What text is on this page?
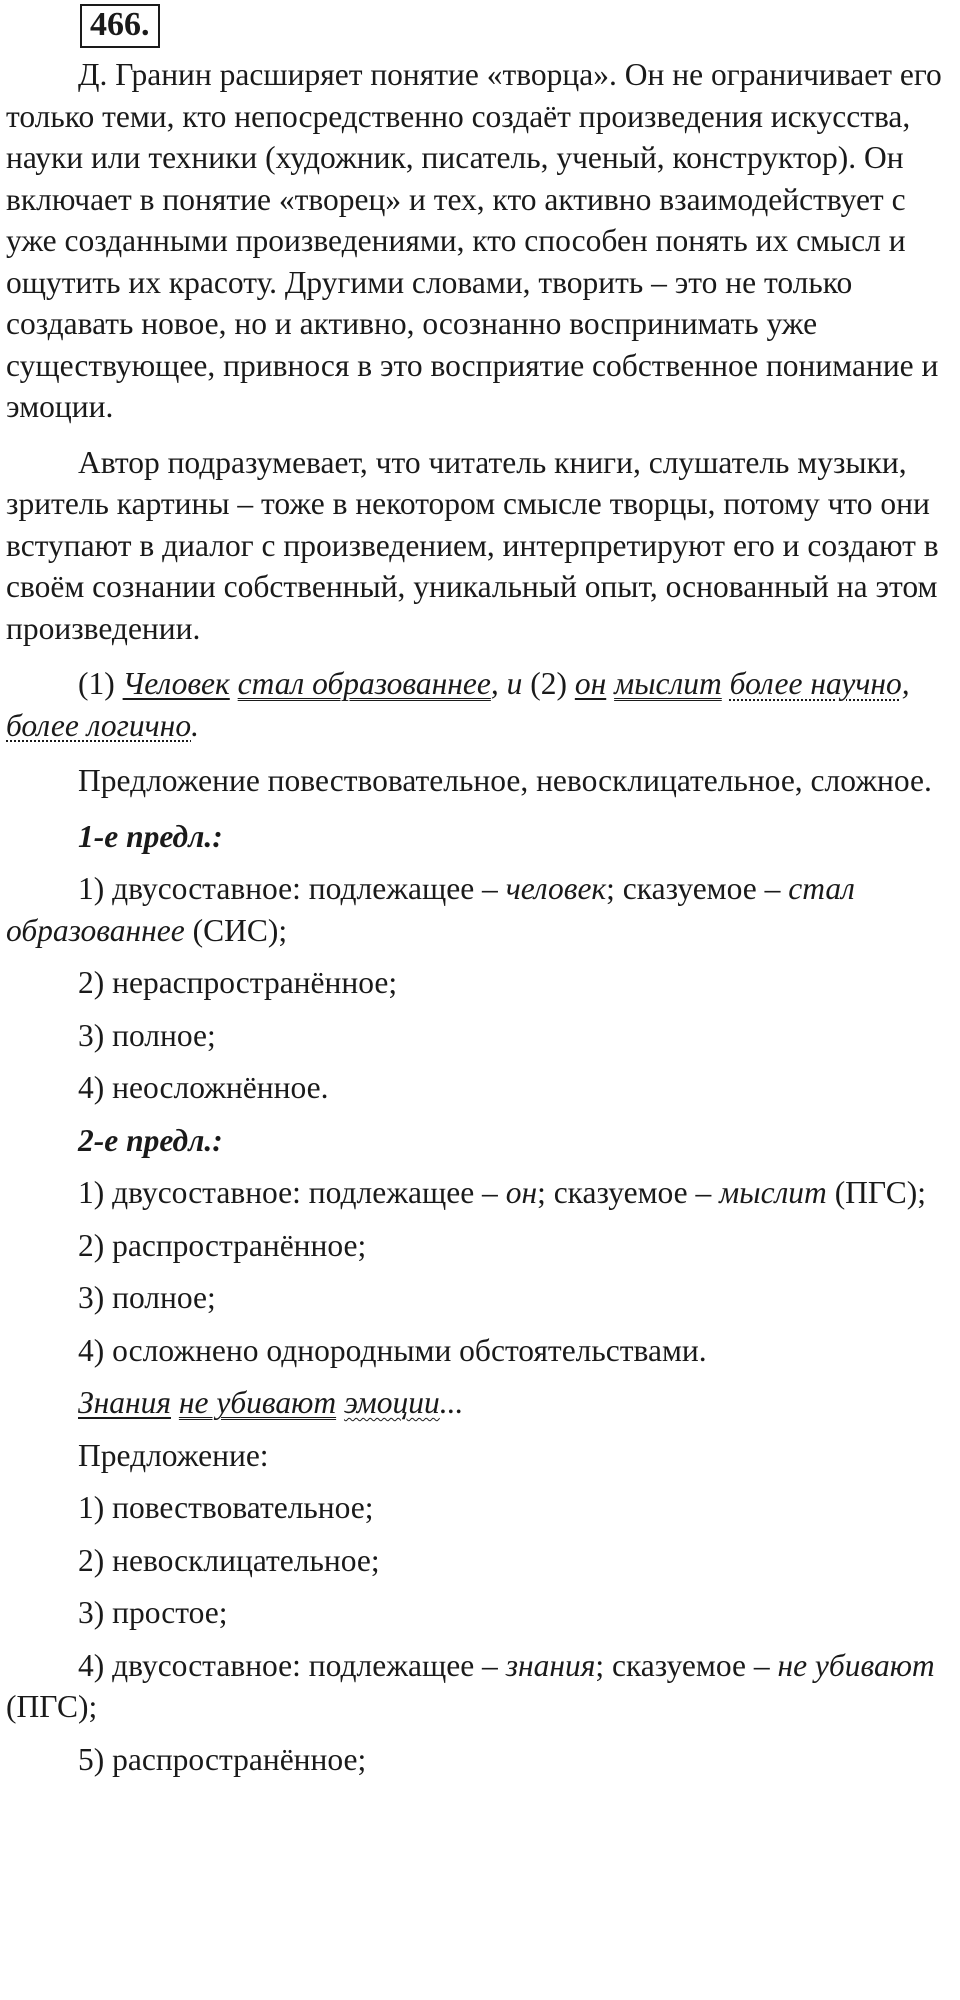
466.

Д. Гранин расширяет понятие «творца». Он не ограничивает его только теми, кто непосредственно создаёт произведения искусства, науки или техники (художник, писатель, ученый, конструктор). Он включает в понятие «творец» и тех, кто активно взаимодействует с уже созданными произведениями, кто способен понять их смысл и ощутить их красоту. Другими словами, творить – это не только создавать новое, но и активно, осознанно воспринимать уже существующее, привнося в это восприятие собственное понимание и эмоции.

Автор подразумевает, что читатель книги, слушатель музыки, зритель картины – тоже в некотором смысле творцы, потому что они вступают в диалог с произведением, интерпретируют его и создают в своём сознании собственный, уникальный опыт, основанный на этом произведении.

(1) Человек стал образованнее, и (2) он мыслит более научно, более логично.

Предложение повествовательное, невосклицательное, сложное.

1-е предл.:

1) двусоставное: подлежащее – человек; сказуемое – стал образованнее (СИС);

2) нераспространённое;

3) полное;

4) неосложнённое.

2-е предл.:

1) двусоставное: подлежащее – он; сказуемое – мыслит (ПГС);

2) распространённое;

3) полное;

4) осложнено однородными обстоятельствами.

Знания не убивают эмоции...

Предложение:

1) повествовательное;

2) невосклицательное;

3) простое;

4) двусоставное: подлежащее – знания; сказуемое – не убивают (ПГС);

5) распространённое;
